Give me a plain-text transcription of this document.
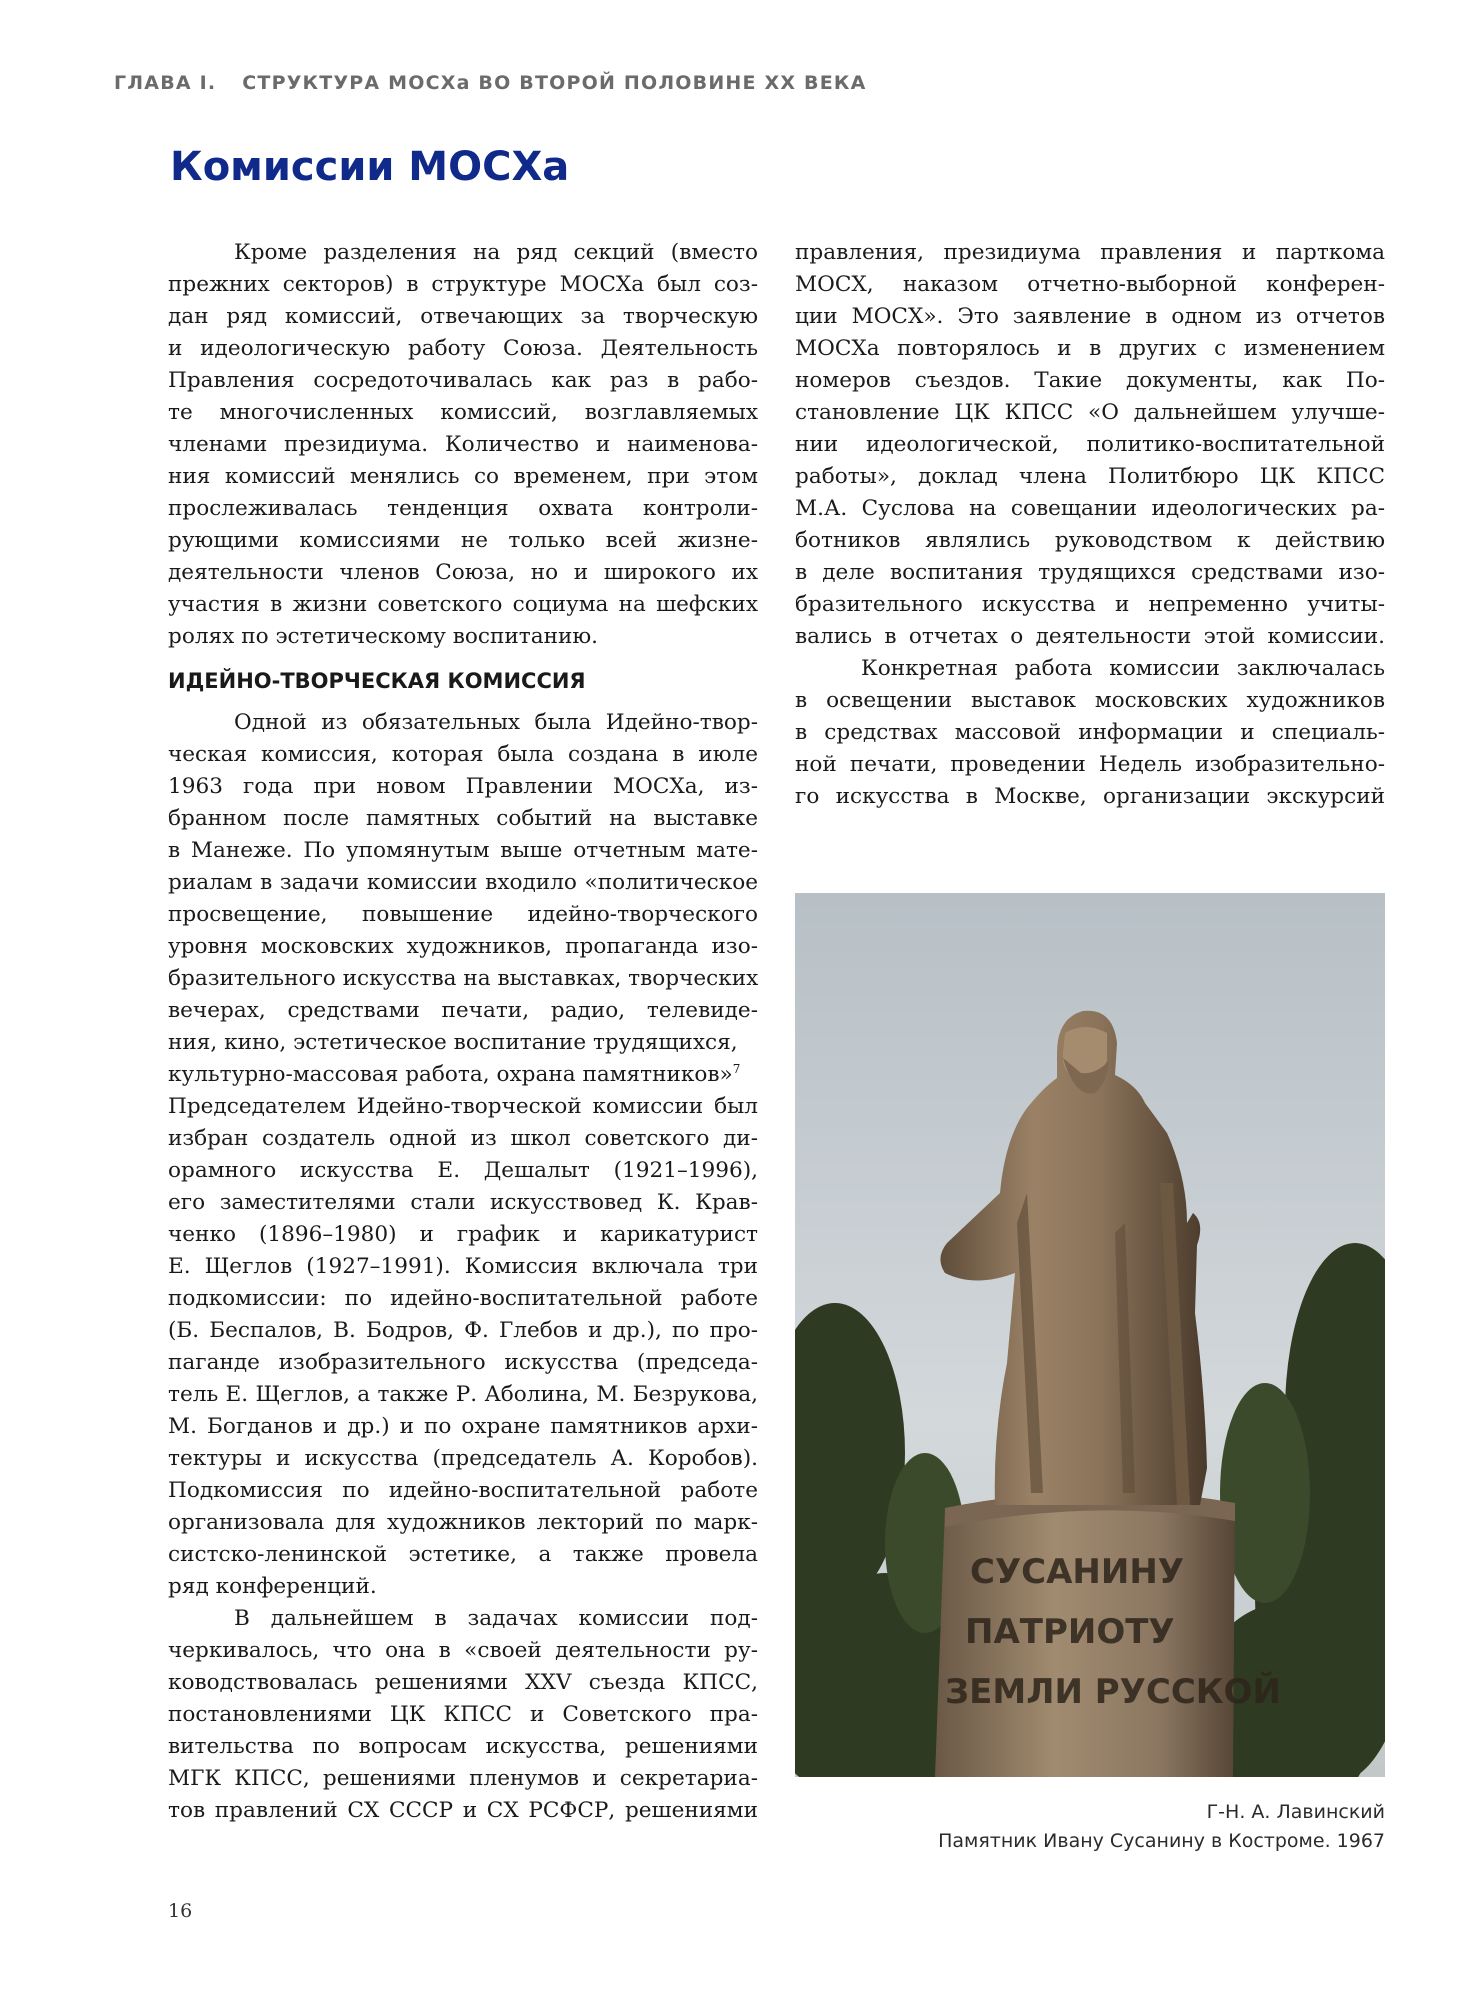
ГЛАВА I. СТРУКТУРА МОСХа ВО ВТОРОЙ ПОЛОВИНЕ XX ВЕКА
Комиссии МОСХа
Кроме разделения на ряд секций (вместо
прежних секторов) в структуре МОСХа был соз-
дан ряд комиссий, отвечающих за творческую
и идеологическую работу Союза. Деятельность
Правления сосредоточивалась как раз в рабо-
те многочисленных комиссий, возглавляемых
членами президиума. Количество и наименова-
ния комиссий менялись со временем, при этом
прослеживалась тенденция охвата контроли-
рующими комиссиями не только всей жизне-
деятельности членов Союза, но и широкого их
участия в жизни советского социума на шефских
ролях по эстетическому воспитанию.
ИДЕЙНО-ТВОРЧЕСКАЯ КОМИССИЯ
Одной из обязательных была Идейно-твор-
ческая комиссия, которая была создана в июле
1963 года при новом Правлении МОСХа, из-
бранном после памятных событий на выставке
в Манеже. По упомянутым выше отчетным мате-
риалам в задачи комиссии входило «политическое
просвещение, повышение идейно-творческого
уровня московских художников, пропаганда изо-
бразительного искусства на выставках, творческих
вечерах, средствами печати, радио, телевиде-
ния, кино, эстетическое воспитание трудящихся,
культурно-массовая работа, охрана памятников»$^7$
Председателем Идейно-творческой комиссии был
избран создатель одной из школ советского ди-
орамного искусства Е. Дешалыт (1921–1996),
его заместителями стали искусствовед К. Крав-
ченко (1896–1980) и график и карикатурист
Е. Щеглов (1927–1991). Комиссия включала три
подкомиссии: по идейно-воспитательной работе
(Б. Беспалов, В. Бодров, Ф. Глебов и др.), по про-
паганде изобразительного искусства (председа-
тель Е. Щеглов, а также Р. Аболина, М. Безрукова,
М. Богданов и др.) и по охране памятников архи-
тектуры и искусства (председатель А. Коробов).
Подкомиссия по идейно-воспитательной работе
организовала для художников лекторий по марк-
систско-ленинской эстетике, а также провела
ряд конференций.
В дальнейшем в задачах комиссии под-
черкивалось, что она в «своей деятельности ру-
ководствовалась решениями XXV съезда КПСС,
постановлениями ЦК КПСС и Советского пра-
вительства по вопросам искусства, решениями
МГК КПСС, решениями пленумов и секретариа-
тов правлений СХ СССР и СХ РСФСР, решениями
правления, президиума правления и парткома
МОСХ, наказом отчетно-выборной конферен-
ции МОСХ». Это заявление в одном из отчетов
МОСХа повторялось и в других с изменением
номеров съездов. Такие документы, как По-
становление ЦК КПСС «О дальнейшем улучше-
нии идеологической, политико-воспитательной
работы», доклад члена Политбюро ЦК КПСС
М.А. Суслова на совещании идеологических ра-
ботников являлись руководством к действию
в деле воспитания трудящихся средствами изо-
бразительного искусства и непременно учиты-
вались в отчетах о деятельности этой комиссии.
Конкретная работа комиссии заключалась
в освещении выставок московских художников
в средствах массовой информации и специаль-
ной печати, проведении Недель изобразительно-
го искусства в Москве, организации экскурсий
СУСАНИНУ
ПАТРИОТУ
ЗЕМЛИ РУССКОЙ
Г-Н. А. Лавинский
Памятник Ивану Сусанину в Костроме. 1967
16
